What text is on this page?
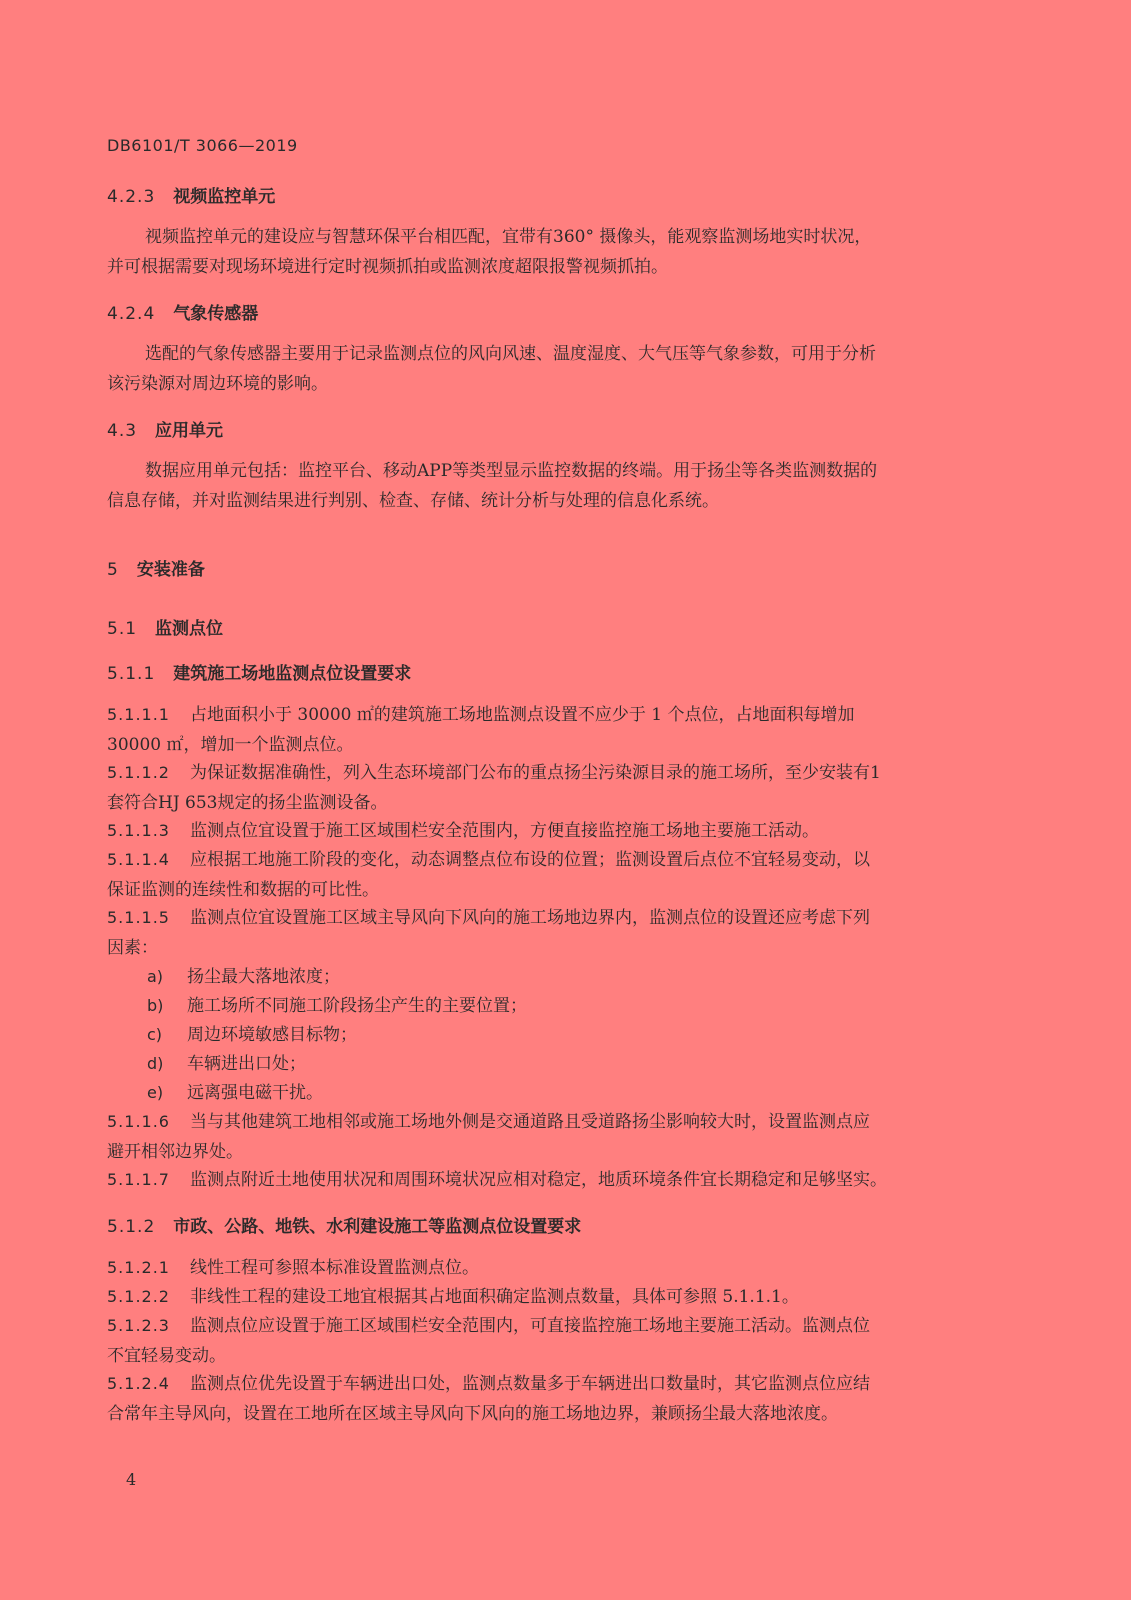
DB6101/T 3066—2019
4.2.3 视频监控单元
视频监控单元的建设应与智慧环保平台相匹配，宜带有360° 摄像头，能观察监测场地实时状况，
并可根据需要对现场环境进行定时视频抓拍或监测浓度超限报警视频抓拍。
4.2.4 气象传感器
选配的气象传感器主要用于记录监测点位的风向风速、温度湿度、大气压等气象参数，可用于分析
该污染源对周边环境的影响。
4.3 应用单元
数据应用单元包括：监控平台、移动APP等类型显示监控数据的终端。用于扬尘等各类监测数据的
信息存储，并对监测结果进行判别、检查、存储、统计分析与处理的信息化系统。
5 安装准备
5.1 监测点位
5.1.1 建筑施工场地监测点位设置要求
5.1.1.1 占地面积小于 30000 ㎡的建筑施工场地监测点设置不应少于 1 个点位，占地面积每增加
30000 ㎡，增加一个监测点位。
5.1.1.2 为保证数据准确性，列入生态环境部门公布的重点扬尘污染源目录的施工场所，至少安装有1
套符合HJ 653规定的扬尘监测设备。
5.1.1.3 监测点位宜设置于施工区域围栏安全范围内，方便直接监控施工场地主要施工活动。
5.1.1.4 应根据工地施工阶段的变化，动态调整点位布设的位置；监测设置后点位不宜轻易变动，以
保证监测的连续性和数据的可比性。
5.1.1.5 监测点位宜设置施工区域主导风向下风向的施工场地边界内，监测点位的设置还应考虑下列
因素：
a) 扬尘最大落地浓度；
b) 施工场所不同施工阶段扬尘产生的主要位置；
c) 周边环境敏感目标物；
d) 车辆进出口处；
e) 远离强电磁干扰。
5.1.1.6 当与其他建筑工地相邻或施工场地外侧是交通道路且受道路扬尘影响较大时，设置监测点应
避开相邻边界处。
5.1.1.7 监测点附近土地使用状况和周围环境状况应相对稳定，地质环境条件宜长期稳定和足够坚实。
5.1.2 市政、公路、地铁、水利建设施工等监测点位设置要求
5.1.2.1 线性工程可参照本标准设置监测点位。
5.1.2.2 非线性工程的建设工地宜根据其占地面积确定监测点数量，具体可参照 5.1.1.1。
5.1.2.3 监测点位应设置于施工区域围栏安全范围内，可直接监控施工场地主要施工活动。监测点位
不宜轻易变动。
5.1.2.4 监测点位优先设置于车辆进出口处，监测点数量多于车辆进出口数量时，其它监测点位应结
合常年主导风向，设置在工地所在区域主导风向下风向的施工场地边界，兼顾扬尘最大落地浓度。
4
